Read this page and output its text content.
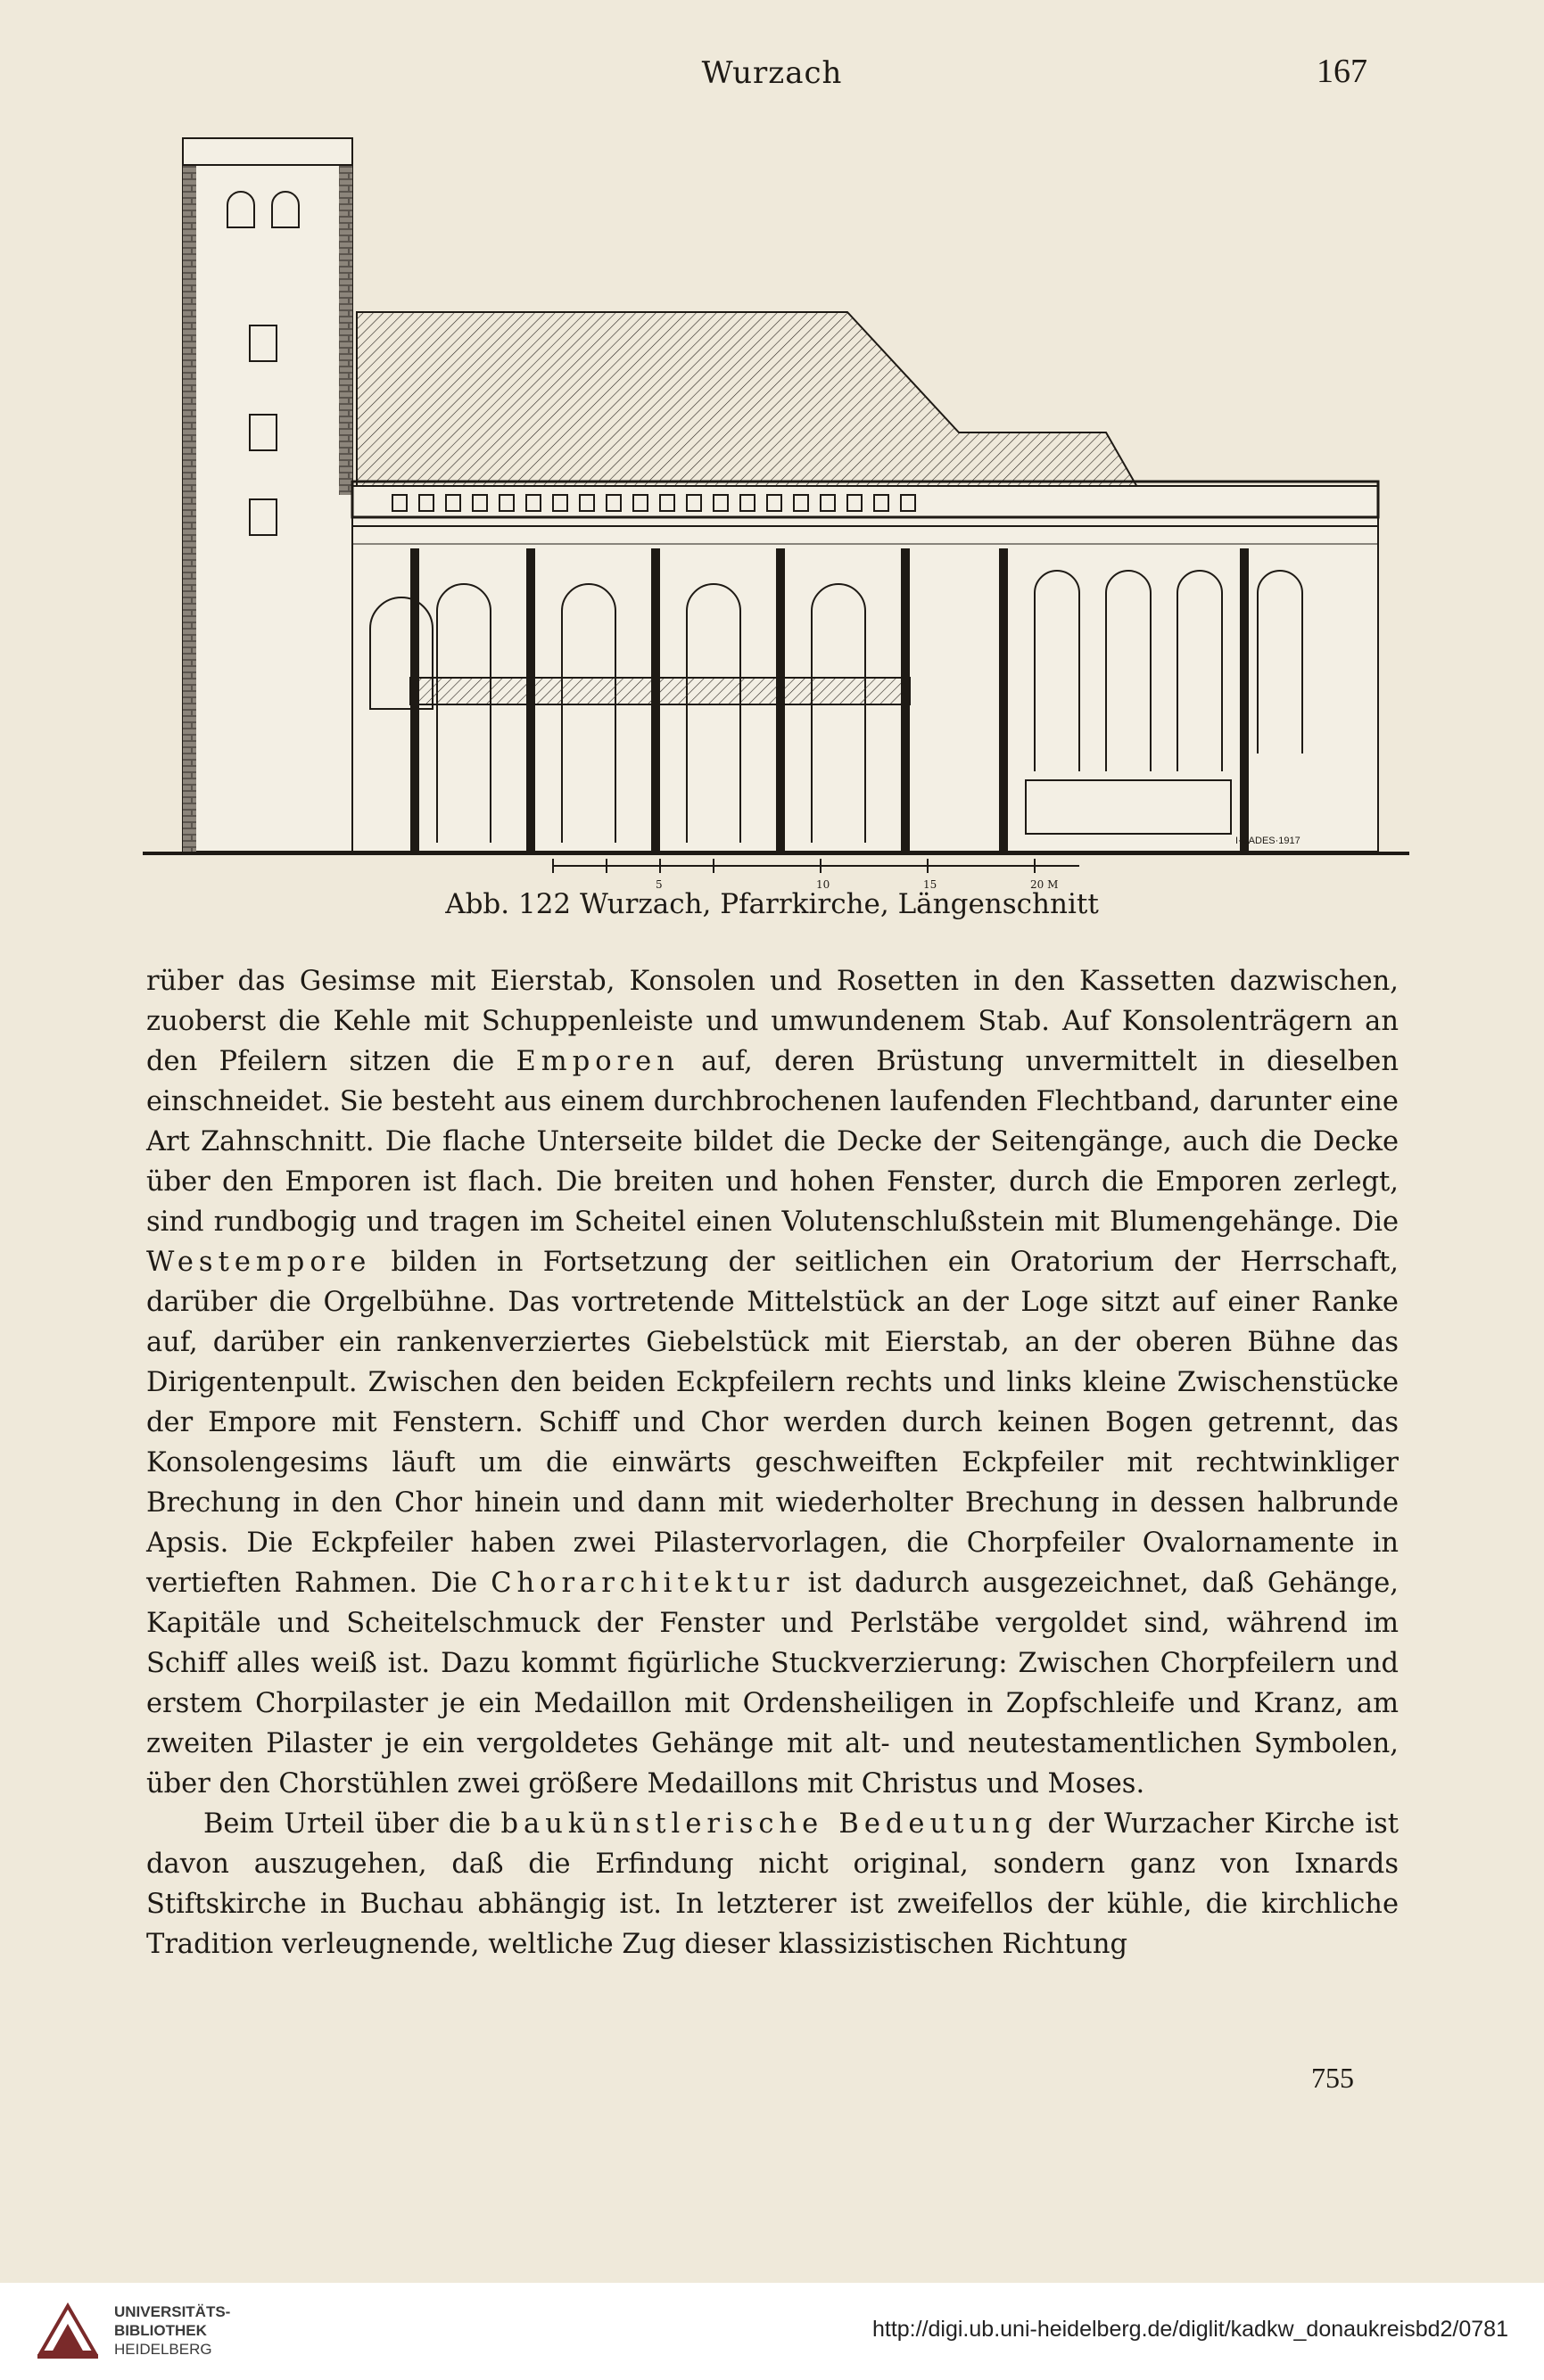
Wurzach	167
5	10	15	20 M
I·CADES·1917
Abb. 122 Wurzach, Pfarrkirche, Längenschnitt

rüber das Gesimse mit Eierstab, Konsolen und Rosetten in den Kassetten dazwischen, zuoberst die Kehle mit Schuppenleiste und umwundenem Stab. Auf Konsolenträgern an den Pfeilern sitzen die Emporen auf, deren Brüstung unvermittelt in dieselben einschneidet. Sie besteht aus einem durchbrochenen laufenden Flechtband, darunter eine Art Zahnschnitt. Die flache Unterseite bildet die Decke der Seitengänge, auch die Decke über den Emporen ist flach. Die breiten und hohen Fenster, durch die Emporen zerlegt, sind rundbogig und tragen im Scheitel einen Volutenschlußstein mit Blumengehänge. Die Westempore bilden in Fortsetzung der seitlichen ein Oratorium der Herrschaft, darüber die Orgelbühne. Das vortretende Mittelstück an der Loge sitzt auf einer Ranke auf, darüber ein rankenverziertes Giebelstück mit Eierstab, an der oberen Bühne das Dirigentenpult. Zwischen den beiden Eckpfeilern rechts und links kleine Zwischenstücke der Empore mit Fenstern. Schiff und Chor werden durch keinen Bogen getrennt, das Konsolengesims läuft um die einwärts geschweiften Eckpfeiler mit rechtwinkliger Brechung in den Chor hinein und dann mit wiederholter Brechung in dessen halbrunde Apsis. Die Eckpfeiler haben zwei Pilastervorlagen, die Chorpfeiler Ovalornamente in vertieften Rahmen. Die Chorarchitektur ist dadurch ausgezeichnet, daß Gehänge, Kapitäle und Scheitelschmuck der Fenster und Perlstäbe vergoldet sind, während im Schiff alles weiß ist. Dazu kommt figürliche Stuckverzierung: Zwischen Chorpfeilern und erstem Chorpilaster je ein Medaillon mit Ordensheiligen in Zopfschleife und Kranz, am zweiten Pilaster je ein vergoldetes Gehänge mit alt- und neutestamentlichen Symbolen, über den Chorstühlen zwei größere Medaillons mit Christus und Moses.

Beim Urteil über die baukünstlerische Bedeutung der Wurzacher Kirche ist davon auszugehen, daß die Erfindung nicht original, sondern ganz von Ixnards Stiftskirche in Buchau abhängig ist. In letzterer ist zweifellos der kühle, die kirchliche Tradition verleugnende, weltliche Zug dieser klassizistischen Richtung

755
UNIVERSITÄTS-
BIBLIOTHEK
HEIDELBERG
http://digi.ub.uni-heidelberg.de/diglit/kadkw_donaukreisbd2/0781
